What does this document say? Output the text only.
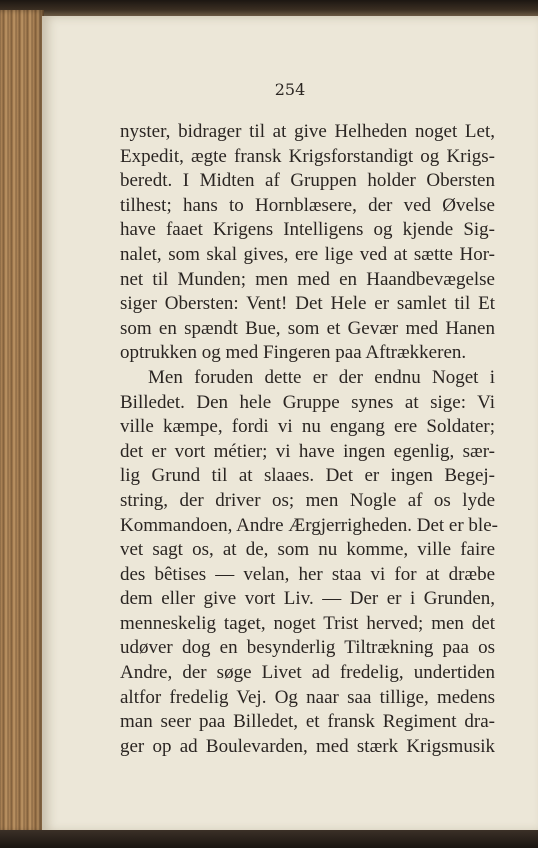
254

nyster, bidrager til at give Helheden noget Let,
Expedit, ægte fransk Krigsforstandigt og Krigs-
beredt. I Midten af Gruppen holder Obersten
tilhest; hans to Hornblæsere, der ved Øvelse
have faaet Krigens Intelligens og kjende Sig-
nalet, som skal gives, ere lige ved at sætte Hor-
net til Munden; men med en Haandbevægelse
siger Obersten: Vent! Det Hele er samlet til Et
som en spændt Bue, som et Gevær med Hanen
optrukken og med Fingeren paa Aftrækkeren.
Men foruden dette er der endnu Noget i
Billedet. Den hele Gruppe synes at sige: Vi
ville kæmpe, fordi vi nu engang ere Soldater;
det er vort métier; vi have ingen egenlig, sær-
lig Grund til at slaaes. Det er ingen Begej-
string, der driver os; men Nogle af os lyde
Kommandoen, Andre Ærgjerrigheden. Det er ble-
vet sagt os, at de, som nu komme, ville faire
des bêtises — velan, her staa vi for at dræbe
dem eller give vort Liv. — Der er i Grunden,
menneskelig taget, noget Trist herved; men det
udøver dog en besynderlig Tiltrækning paa os
Andre, der søge Livet ad fredelig, undertiden
altfor fredelig Vej. Og naar saa tillige, medens
man seer paa Billedet, et fransk Regiment dra-
ger op ad Boulevarden, med stærk Krigsmusik
